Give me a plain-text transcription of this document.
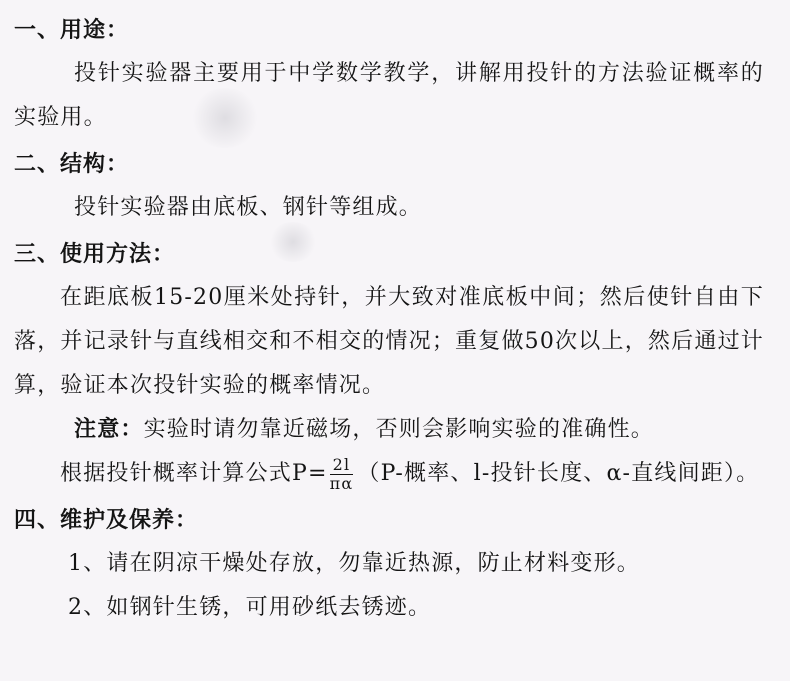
一、用途：

投针实验器主要用于中学数学教学，讲解用投针的方法验证概率的实验用。

二、结构：

投针实验器由底板、钢针等组成。

三、使用方法：

在距底板15-20厘米处持针，并大致对准底板中间；然后使针自由下落，并记录针与直线相交和不相交的情况；重复做50次以上，然后通过计算，验证本次投针实验的概率情况。

注意：实验时请勿靠近磁场，否则会影响实验的准确性。

根据投针概率计算公式$P= \frac{2l}{\pi\alpha} (P-$概率、l-投针长度、α-直线间距）。

四、维护及保养：
1、请在阴凉干燥处存放，勿靠近热源，防止材料变形。
2、如钢针生锈，可用砂纸去锈迹。
